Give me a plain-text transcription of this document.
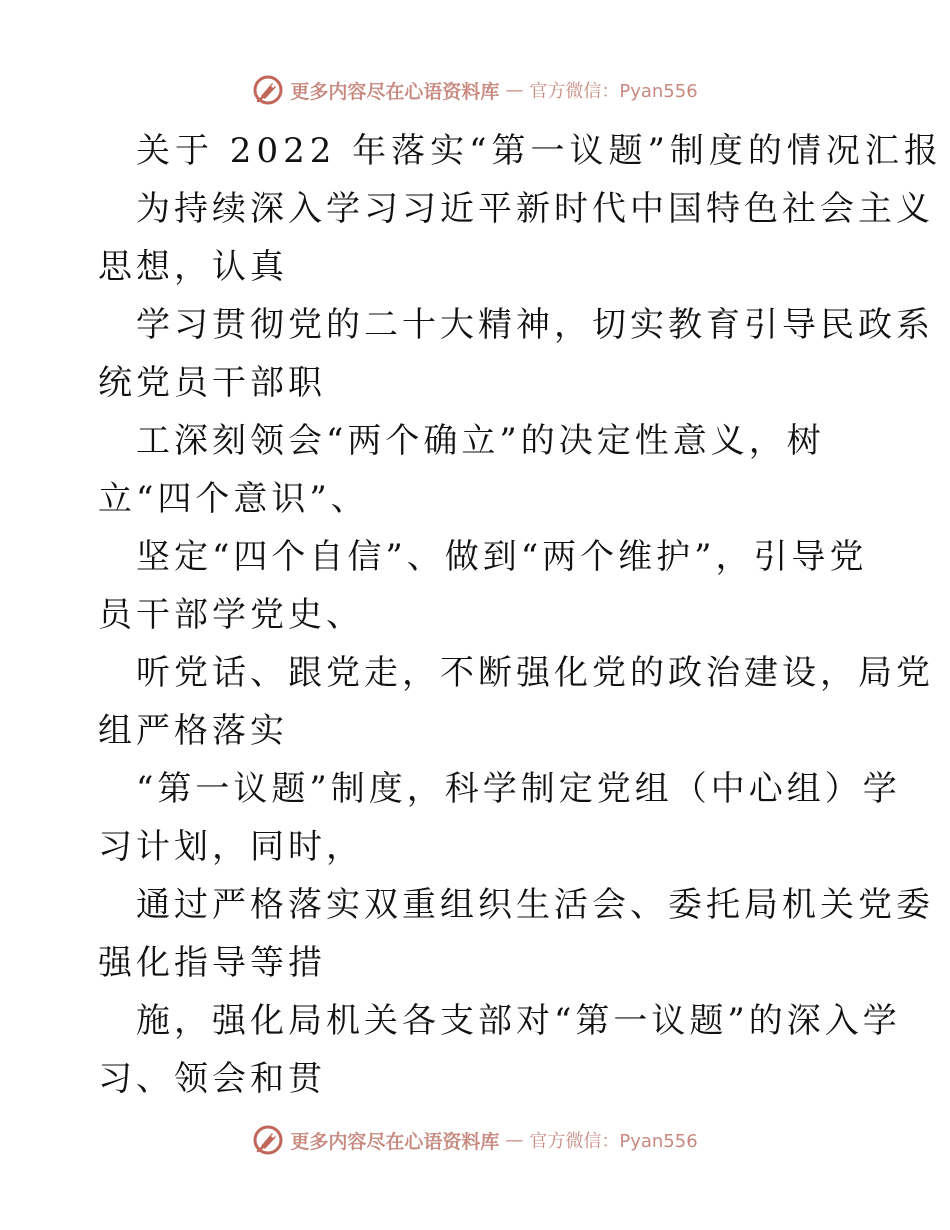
更多内容尽在心语资料库 — 官方微信：Pyan556

关于 2022 年落实“第一议题”制度的情况汇报

为持续深入学习习近平新时代中国特色社会主义

思想，认真

学习贯彻党的二十大精神，切实教育引导民政系

统党员干部职

工深刻领会“两个确立”的决定性意义，树

立“四个意识”、

坚定“四个自信”、做到“两个维护”，引导党

员干部学党史、

听党话、跟党走，不断强化党的政治建设，局党

组严格落实

“第一议题”制度，科学制定党组（中心组）学

习计划，同时，

通过严格落实双重组织生活会、委托局机关党委

强化指导等措

施，强化局机关各支部对“第一议题”的深入学

习、领会和贯

更多内容尽在心语资料库 — 官方微信：Pyan556
